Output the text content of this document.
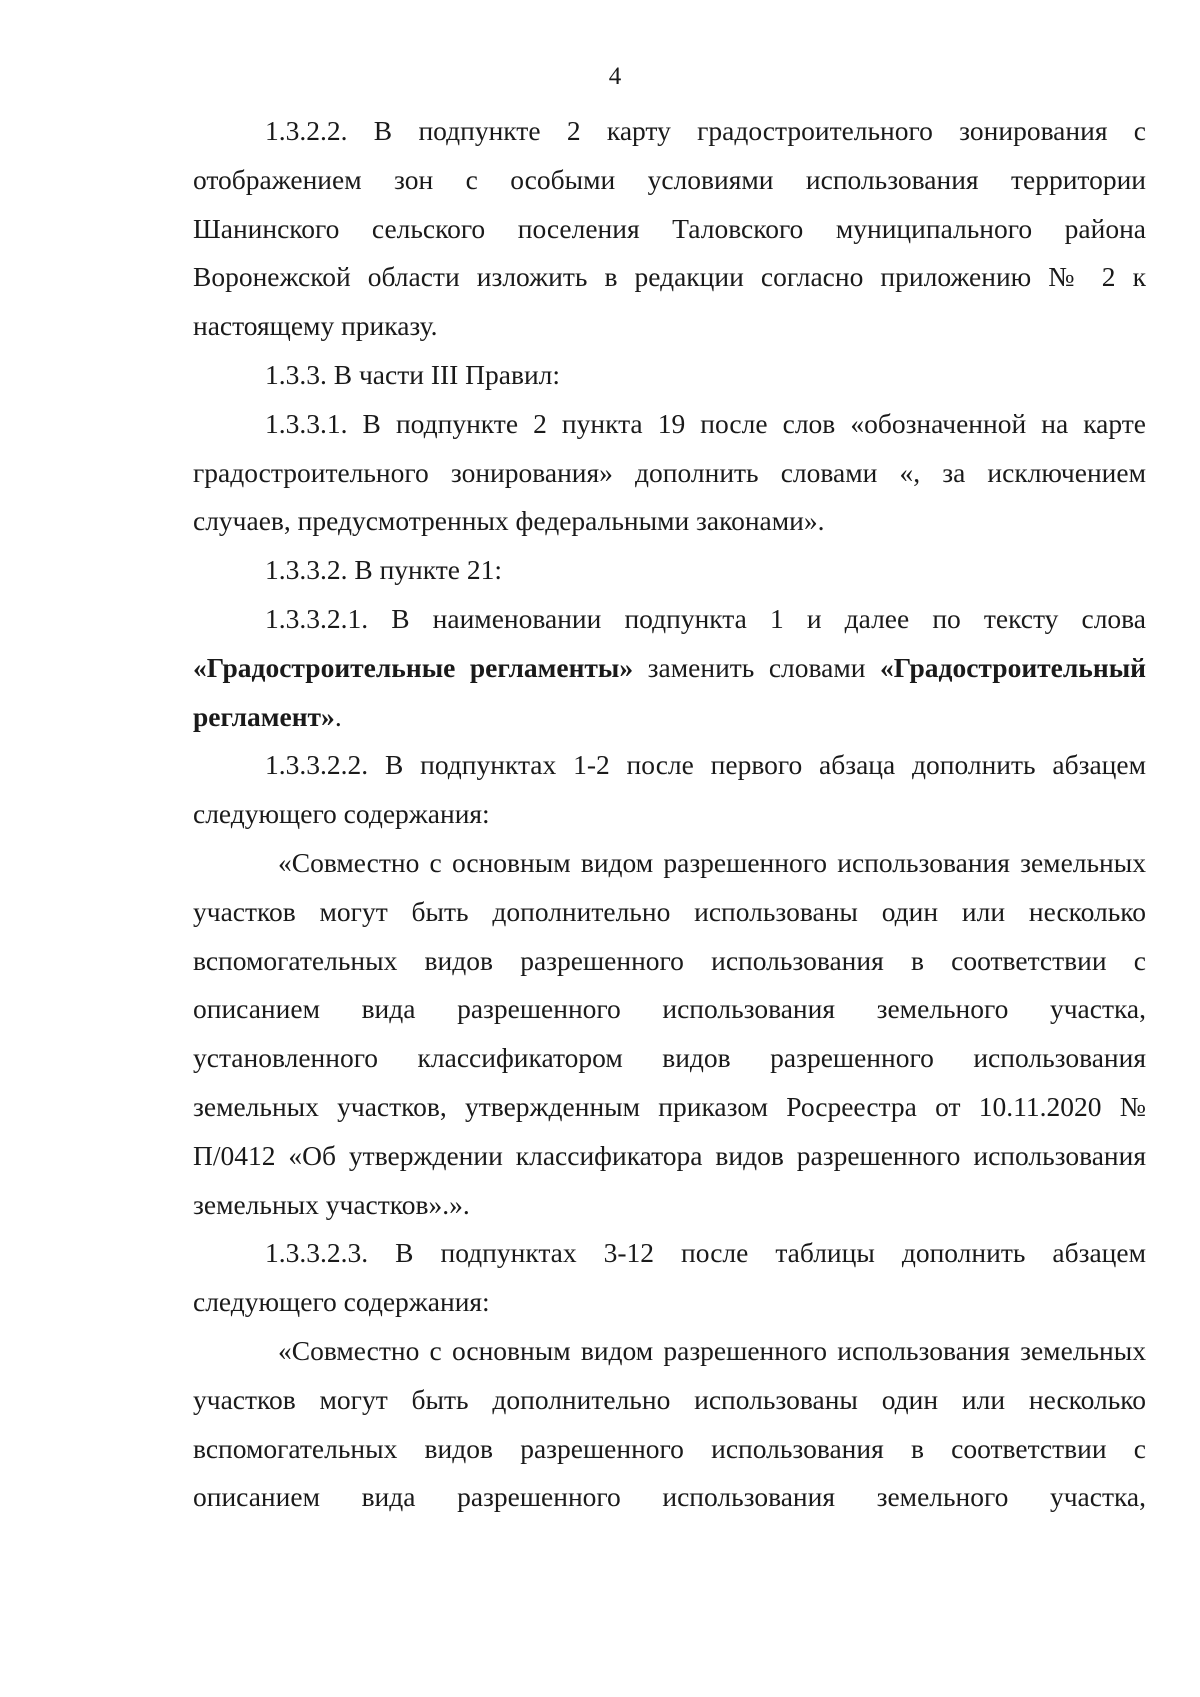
4

1.3.2.2. В подпункте 2 карту градостроительного зонирования с отображением зон с особыми условиями использования территории Шанинского сельского поселения Таловского муниципального района Воронежской области изложить в редакции согласно приложению № 2 к настоящему приказу.

1.3.3. В части III Правил:

1.3.3.1. В подпункте 2 пункта 19 после слов «обозначенной на карте градостроительного зонирования» дополнить словами «, за исключением случаев, предусмотренных федеральными законами».

1.3.3.2. В пункте 21:

1.3.3.2.1. В наименовании подпункта 1 и далее по тексту слова «Градостроительные регламенты» заменить словами «Градостроительный регламент».

1.3.3.2.2. В подпунктах 1-2 после первого абзаца дополнить абзацем следующего содержания:

«Совместно с основным видом разрешенного использования земельных участков могут быть дополнительно использованы один или несколько вспомогательных видов разрешенного использования в соответствии с описанием вида разрешенного использования земельного участка, установленного классификатором видов разрешенного использования земельных участков, утвержденным приказом Росреестра от 10.11.2020 № П/0412 «Об утверждении классификатора видов разрешенного использования земельных участков».».

1.3.3.2.3. В подпунктах 3-12 после таблицы дополнить абзацем следующего содержания:

«Совместно с основным видом разрешенного использования земельных участков могут быть дополнительно использованы один или несколько вспомогательных видов разрешенного использования в соответствии с описанием вида разрешенного использования земельного участка,
